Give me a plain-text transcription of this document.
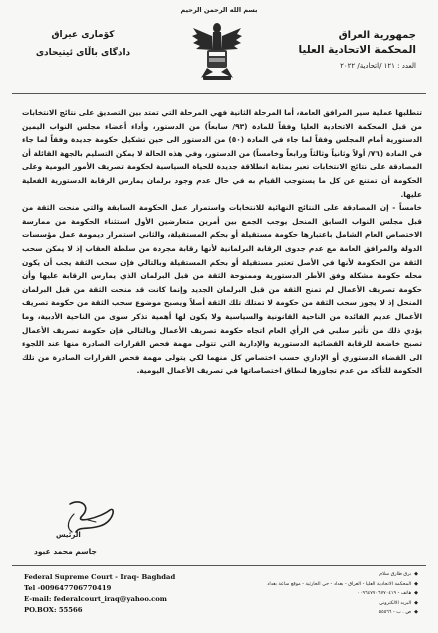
بسم الله الرحمن الرحيم
جمهورية العراق
المحكمة الاتحادية العليا
العدد : ١٢١ /اتحادية/ ٢٠٢٢
کۆماری عیراق
دادگای باڵای ئیتیحادی

تتطلبها عملية سير المرافق العامة، أما المرحلة الثانية فهي المرحلة التي تمتد بين التصديق على نتائج الانتخابات من قبل المحكمة الاتحادية العليا وفقاً للمادة (٩٣/ سابعاً) من الدستور، وأداء أعضاء مجلس النواب اليمين الدستورية أمام المجلس وفقاً لما جاء في المادة (٥٠) من الدستور الى حين تشكيل حكومة جديدة وفقاً لما جاء في المادة (٧٦/ أولاً وثانياً وثالثاً ورابعاً وخامساً) من الدستور، وفي هذه الحالة لا يمكن التسليم بالجهة القائلة أن المصادقة على نتائج الانتخابات تعبر بمثابة انطلاقة جديدة للحياة السياسية لحكومة تصريف الأمور اليومية وعلى الحكومة أن تمتنع عن كل ما يستوجب القيام به في حال عدم وجود برلمان يمارس الرقابة الدستورية الفعلية عليها.

خامساً - إن المصادقة على النتائج النهائية للانتخابات واستمرار عمل الحكومة السابقة والتي منحت الثقة من قبل مجلس النواب السابق المنحل يوجب الجمع بين أمرين متعارضين الأول استثناء الحكومة من ممارسة الاختصاص العام الشامل باعتبارها حكومة مستقيلة أو بحكم المستقيلة، والثاني استمرار ديمومة عمل مؤسسات الدولة والمرافق العامة مع عدم جدوى الرقابة البرلمانية لأنها رقابة مجردة من سلطة العقاب إذ لا يمكن سحب الثقة من الحكومة لأنها في الأصل تعتبر مستقيلة أو بحكم المستقيلة وبالتالي فإن سحب الثقة يجب أن يكون محله حكومة مشكلة وفق الأطر الدستورية وممنوحة الثقة من قبل البرلمان الذي يمارس الرقابة عليها وأن حكومة تصريف الأعمال لم تمنح الثقة من قبل البرلمان الجديد وإنما كانت قد منحت الثقة من قبل البرلمان المنحل إذ لا يجوز سحب الثقة من حكومة لا تمتلك تلك الثقة أصلاً ويصبح موضوع سحب الثقة من حكومة تصريف الأعمال عديم الفائدة من الناحية القانونية والسياسية ولا يكون لها أهمية تذكر سوى من الناحية الأدبية، وما يؤدي ذلك من تأثير سلبي في الرأي العام اتجاه حكومة تصريف الأعمال وبالتالي فإن حكومة تصريف الأعمال تصبح خاضعة للرقابة القضائية الدستورية والإدارية التي تتولى مهمة فحص القرارات الصادرة منها عند اللجوء الى القضاء الدستوري أو الإداري حسب اختصاص كل منهما لكي يتولى مهمة فحص القرارات الصادرة من تلك الحكومة للتأكد من عدم تجاوزها لنطاق اختصاصاتها في تصريف الأعمال اليومية.

الرئيس
جاسم محمد عبود
Federal Supreme Court - Iraq- Baghdad
Tel -009647706770419
E-mail: federalcourt_iraq@yahoo.com
PO.BOX: 55566
◆برق طارق سلام
◆المحكمة الاتحادية العليا - العراق - بغداد - حي الحارثية - موقع ساعة بغداد
◆هاتف - ٠٠٩٦٤٧٧٠٦٧٧٠٤١٩
◆البريد الالكتروني
◆ص . ب - ٥٥٥٦٦
